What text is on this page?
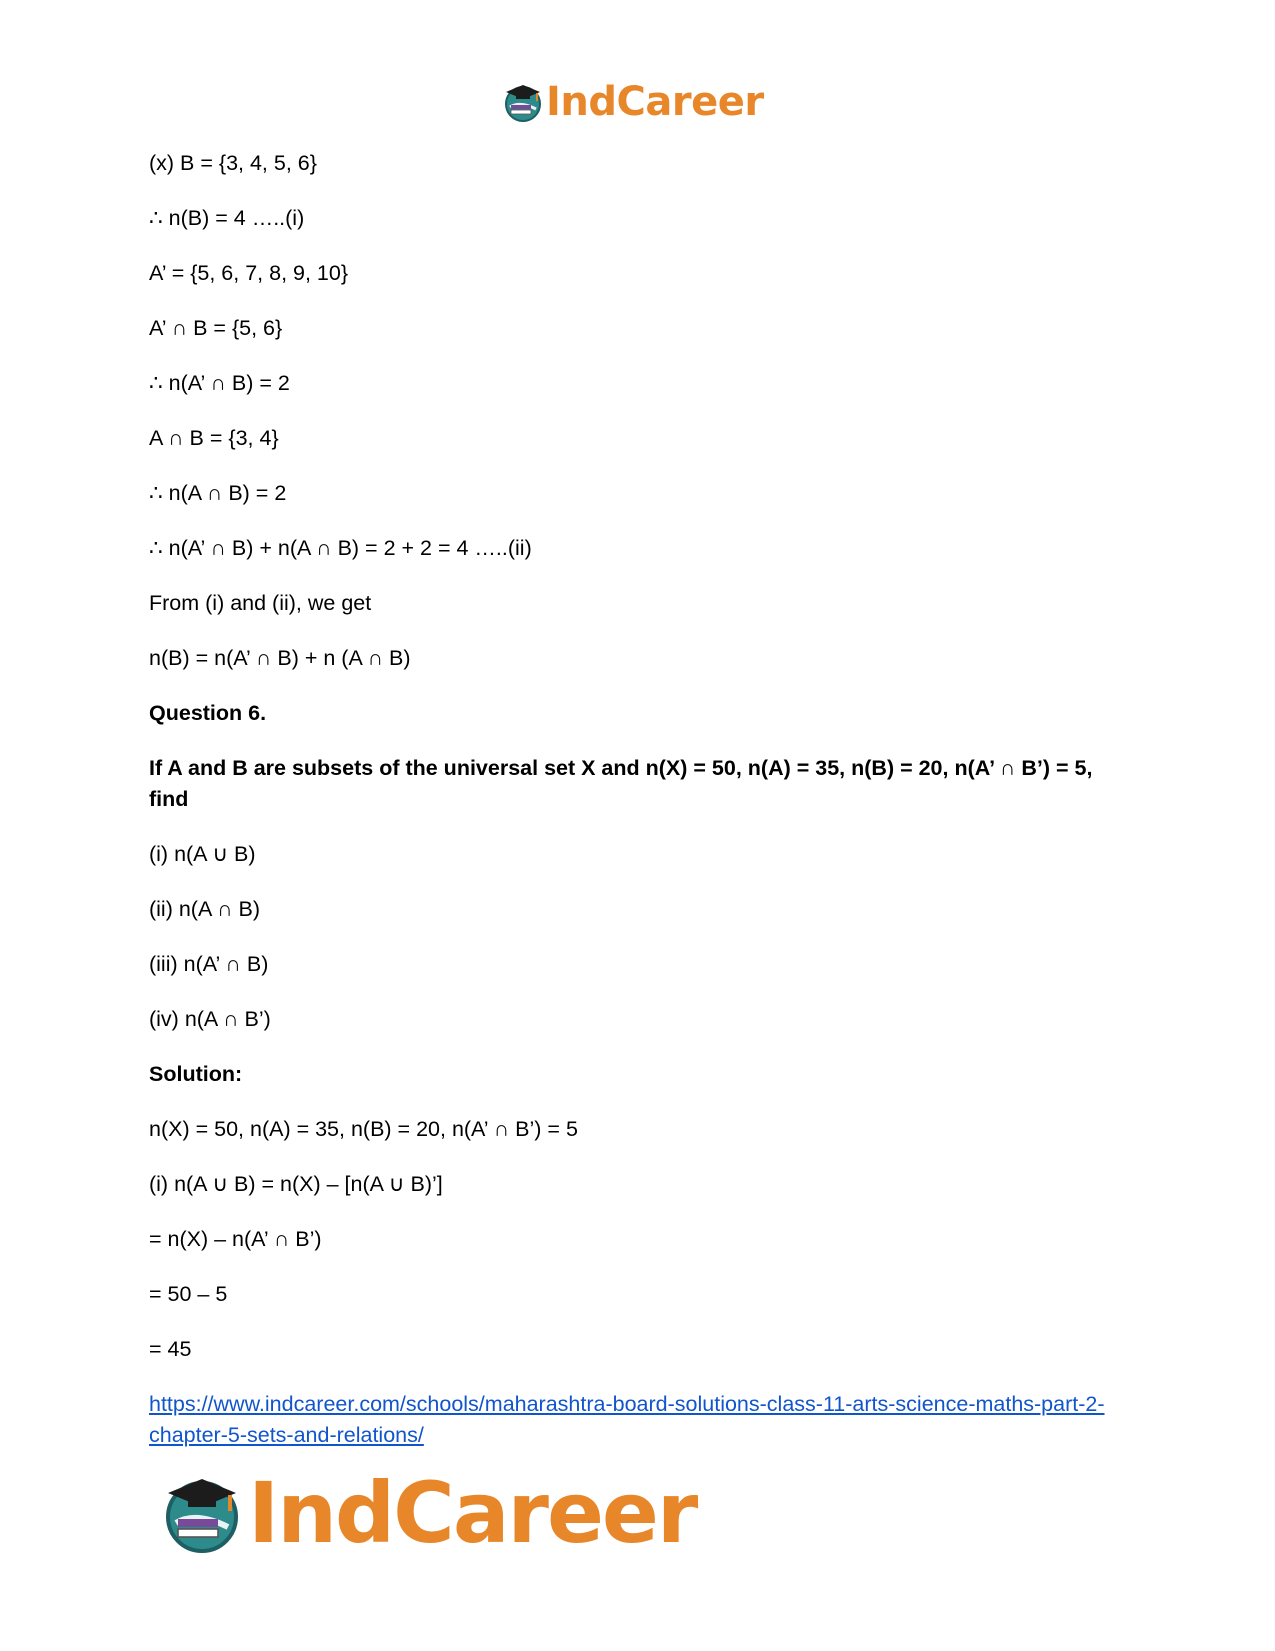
IndCareer

(x) B = {3, 4, 5, 6}

∴ n(B) = 4 …..(i)

A’ = {5, 6, 7, 8, 9, 10}

A’ ∩ B = {5, 6}

∴ n(A’ ∩ B) = 2

A ∩ B = {3, 4}

∴ n(A ∩ B) = 2

∴ n(A’ ∩ B) + n(A ∩ B) = 2 + 2 = 4 …..(ii)

From (i) and (ii), we get

n(B) = n(A’ ∩ B) + n (A ∩ B)

Question 6.

If A and B are subsets of the universal set X and n(X) = 50, n(A) = 35, n(B) = 20, n(A’ ∩ B’) = 5, find

(i) n(A ∪ B)

(ii) n(A ∩ B)

(iii) n(A’ ∩ B)

(iv) n(A ∩ B’)

Solution:

n(X) = 50, n(A) = 35, n(B) = 20, n(A’ ∩ B’) = 5

(i) n(A ∪ B) = n(X) – [n(A ∪ B)’]

= n(X) – n(A’ ∩ B’)

= 50 – 5

= 45

https://www.indcareer.com/schools/maharashtra-board-solutions-class-11-arts-science-maths-part-2-chapter-5-sets-and-relations/
IndCareer
